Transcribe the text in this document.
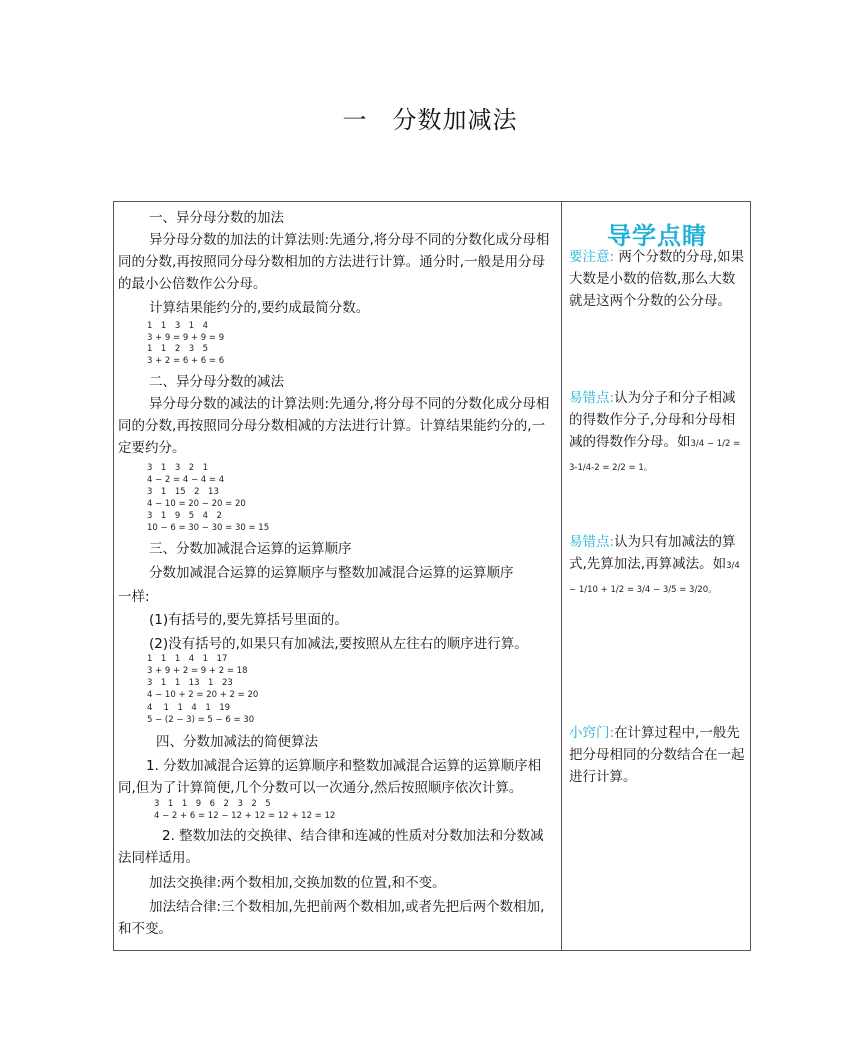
一　分数加减法
一、异分母分数的加法
异分母分数的加法的计算法则:先通分,将分母不同的分数化成分母相同的分数,再按照同分母分数相加的方法进行计算。通分时,一般是用分母的最小公倍数作公分母。
计算结果能约分的,要约成最简分数。
1　1　3　1　4
3 + 9 = 9 + 9 = 9
1　1　2　3　5
3 + 2 = 6 + 6 = 6
二、异分母分数的减法
异分母分数的减法的计算法则:先通分,将分母不同的分数化成分母相同的分数,再按照同分母分数相减的方法进行计算。计算结果能约分的,一定要约分。
3　1　3　2　1
4 − 2 = 4 − 4 = 4
3　1　15　2　13
4 − 10 = 20 − 20 = 20
3　1　9　5　4　2
10 − 6 = 30 − 30 = 30 = 15
三、分数加减混合运算的运算顺序
分数加减混合运算的运算顺序与整数加减混合运算的运算顺序
一样:
(1)有括号的,要先算括号里面的。
(2)没有括号的,如果只有加减法,要按照从左往右的顺序进行算。
1　1　1　4　1　17
3 + 9 + 2 = 9 + 2 = 18
3　1　1　13　1　23
4 − 10 + 2 = 20 + 2 = 20
4　 1　1　4　1　19
5 − (2 − 3) = 5 − 6 = 30
四、分数加减法的简便算法
1. 分数加减混合运算的运算顺序和整数加减混合运算的运算顺序相同,但为了计算简便,几个分数可以一次通分,然后按照顺序依次计算。
3　1　1　9　6　2　3　2　5
4 − 2 + 6 = 12 − 12 + 12 = 12 + 12 = 12
2. 整数加法的交换律、结合律和连减的性质对分数加法和分数减法同样适用。
加法交换律:两个数相加,交换加数的位置,和不变。
加法结合律:三个数相加,先把前两个数相加,或者先把后两个数相加,和不变。
导学点睛
要注意: 两个分数的分母,如果大数是小数的倍数,那么大数就是这两个分数的公分母。
易错点:认为分子和分子相减的得数作分子,分母和分母相减的得数作分母。如3/4 − 1/2 = 3-1/4-2 = 2/2 = 1。
易错点:认为只有加减法的算式,先算加法,再算减法。如3/4 − 1/10 + 1/2 = 3/4 − 3/5 = 3/20。
小窍门:在计算过程中,一般先把分母相同的分数结合在一起进行计算。
